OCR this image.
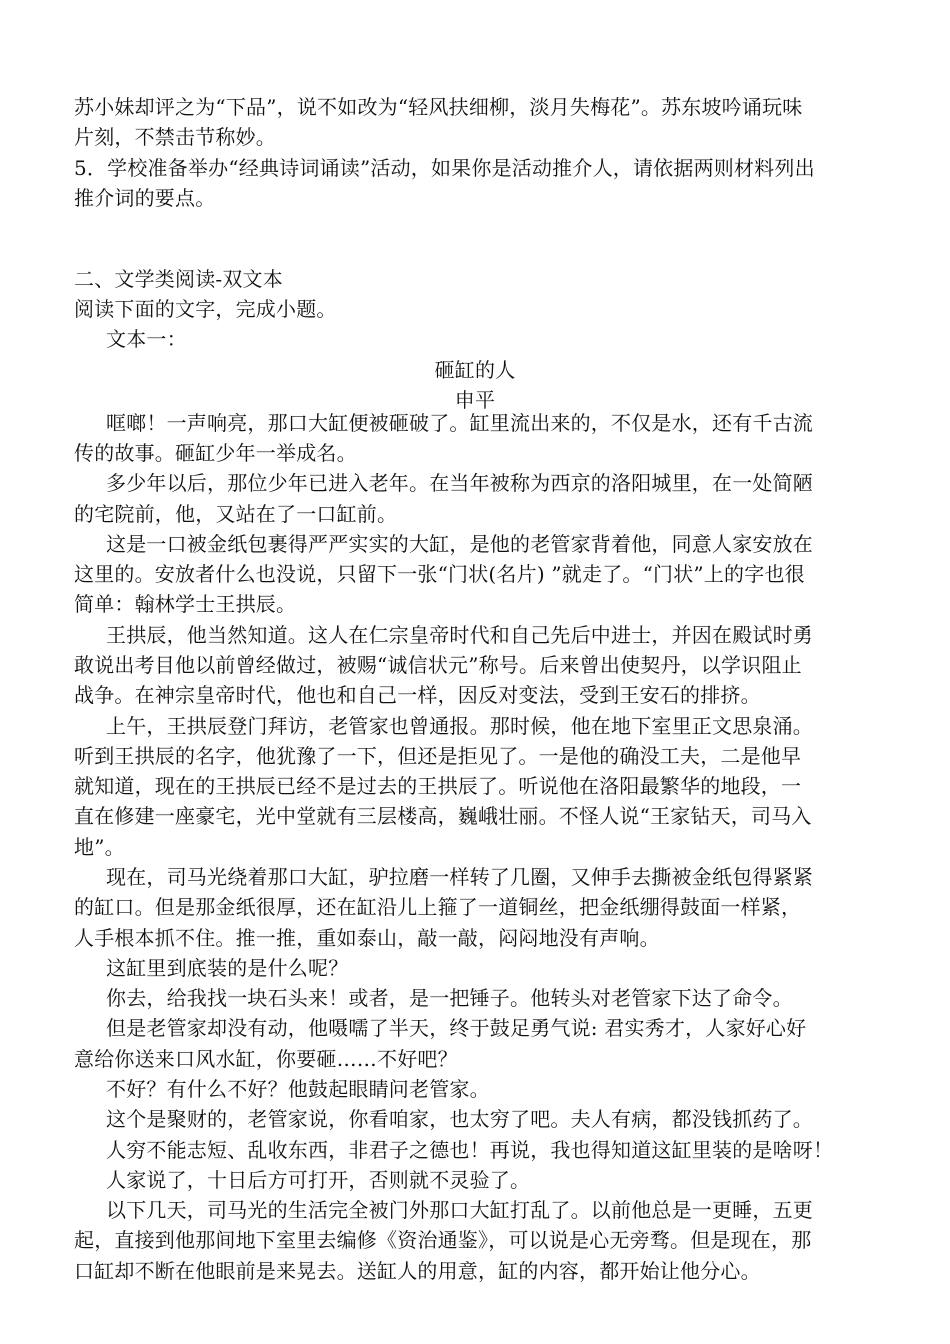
苏小妹却评之为“下品”，说不如改为“轻风扶细柳，淡月失梅花”。苏东坡吟诵玩味
片刻，不禁击节称妙。
5．学校准备举办“经典诗词诵读”活动，如果你是活动推介人，请依据两则材料列出
推介词的要点。
二、文学类阅读-双文本
阅读下面的文字，完成小题。
文本一：
砸缸的人
申平
哐啷！一声响亮，那口大缸便被砸破了。缸里流出来的，不仅是水，还有千古流
传的故事。砸缸少年一举成名。
多少年以后，那位少年已进入老年。在当年被称为西京的洛阳城里，在一处简陋
的宅院前，他，又站在了一口缸前。
这是一口被金纸包裹得严严实实的大缸，是他的老管家背着他，同意人家安放在
这里的。安放者什么也没说，只留下一张“门状(名片) ”就走了。“门状”上的字也很
简单：翰林学士王拱辰。
王拱辰，他当然知道。这人在仁宗皇帝时代和自己先后中进士，并因在殿试时勇
敢说出考目他以前曾经做过，被赐“诚信状元”称号。后来曾出使契丹，以学识阻止
战争。在神宗皇帝时代，他也和自己一样，因反对变法，受到王安石的排挤。
上午，王拱辰登门拜访，老管家也曾通报。那时候，他在地下室里正文思泉涌。
听到王拱辰的名字，他犹豫了一下，但还是拒见了。一是他的确没工夫，二是他早
就知道，现在的王拱辰已经不是过去的王拱辰了。听说他在洛阳最繁华的地段，一
直在修建一座豪宅，光中堂就有三层楼高，巍峨壮丽。不怪人说“王家钻天，司马入
地”。
现在，司马光绕着那口大缸，驴拉磨一样转了几圈，又伸手去撕被金纸包得紧紧
的缸口。但是那金纸很厚，还在缸沿儿上箍了一道铜丝，把金纸绷得鼓面一样紧，
人手根本抓不住。推一推，重如泰山，敲一敲，闷闷地没有声响。
这缸里到底装的是什么呢？
你去，给我找一块石头来！或者，是一把锤子。他转头对老管家下达了命令。
但是老管家却没有动，他嗫嚅了半天，终于鼓足勇气说: 君实秀才，人家好心好
意给你送来口风水缸，你要砸……不好吧？
不好？有什么不好？他鼓起眼睛问老管家。
这个是聚财的，老管家说，你看咱家，也太穷了吧。夫人有病，都没钱抓药了。
人穷不能志短、乱收东西，非君子之德也！再说，我也得知道这缸里装的是啥呀！
人家说了，十日后方可打开，否则就不灵验了。
以下几天，司马光的生活完全被门外那口大缸打乱了。以前他总是一更睡，五更
起，直接到他那间地下室里去编修《资治通鉴》，可以说是心无旁骛。但是现在，那
口缸却不断在他眼前是来晃去。送缸人的用意，缸的内容，都开始让他分心。
